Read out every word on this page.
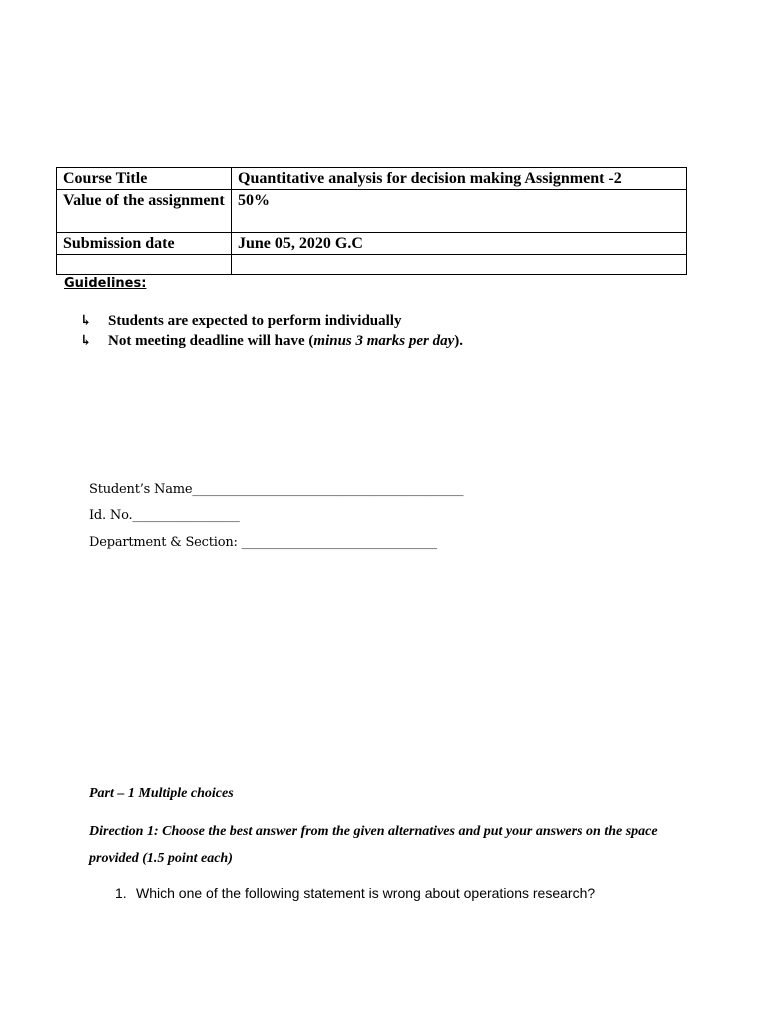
Course Title	Quantitative analysis for decision making Assignment -2
Value of the assignment	50%
Submission date	June 05, 2020 G.C

Guidelines:
↳	Students are expected to perform individually
↳	Not meeting deadline will have (minus 3 marks per day).
Student’s Name___________________________________________
Id. No._________________
Department & Section: _______________________________
Part – 1 Multiple choices
Direction 1: Choose the best answer from the given alternatives and put your answers on the space provided (1.5 point each)
1. Which one of the following statement is wrong about operations research?
